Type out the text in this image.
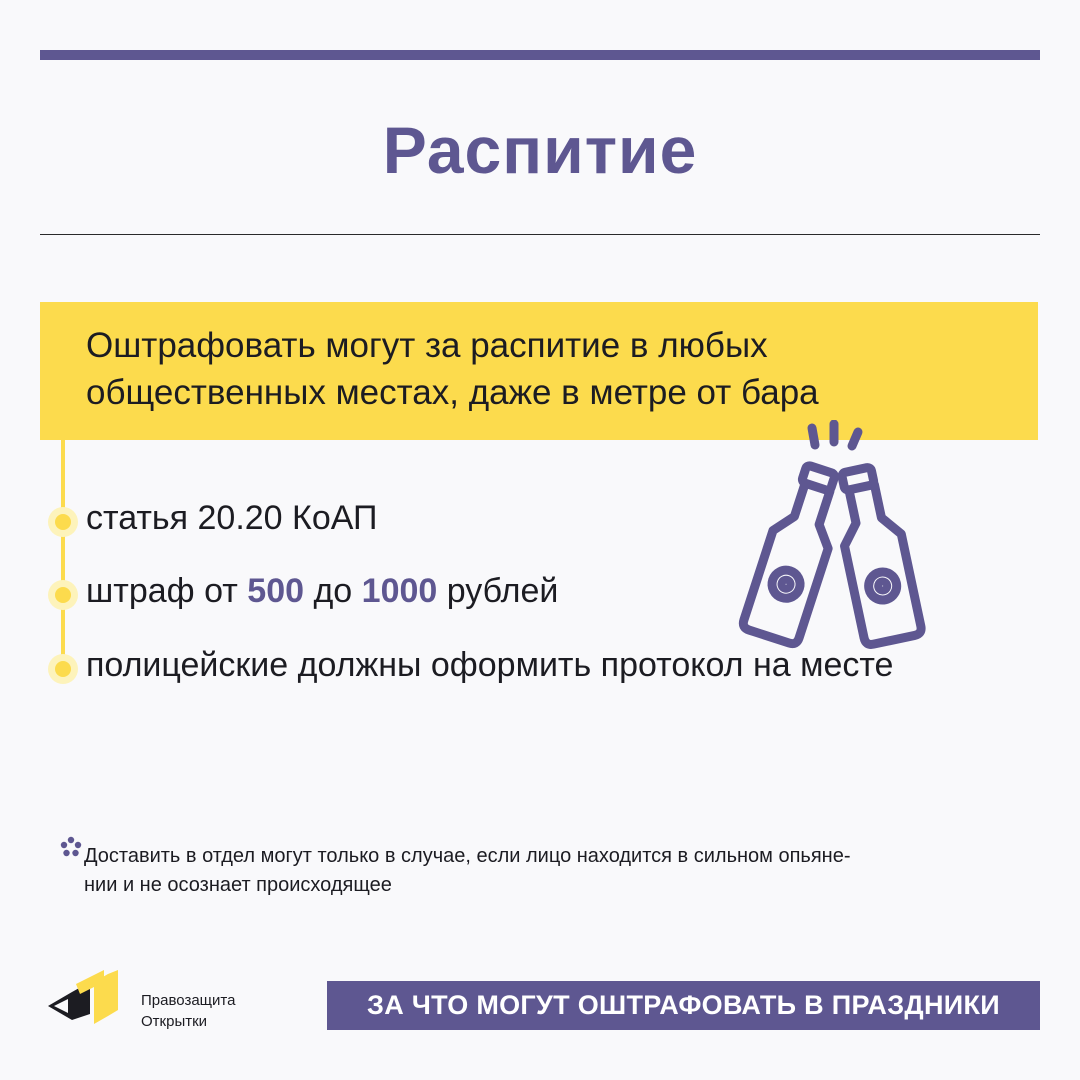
Распитие
Оштрафовать могут за распитие в любых
общественных местах, даже в метре от бара
статья 20.20 КоАП
штраф от 500 до 1000 рублей
полицейские должны оформить протокол на месте
Доставить в отдел могут только в случае, если лицо находится в сильном опьяне-
нии и не осознает происходящее
Правозащита
Открытки
ЗА ЧТО МОГУТ ОШТРАФОВАТЬ В ПРАЗДНИКИ
